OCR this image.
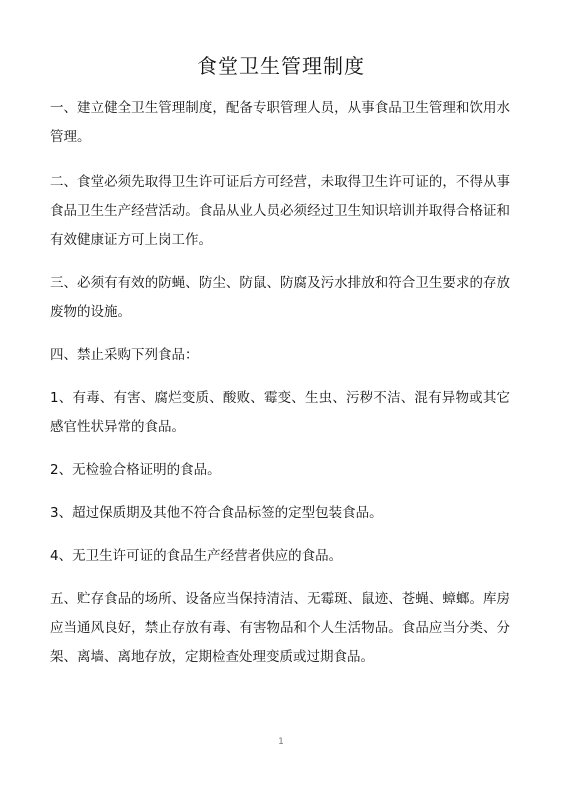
食堂卫生管理制度

一、建立健全卫生管理制度，配备专职管理人员，从事食品卫生管理和饮用水管理。

二、食堂必须先取得卫生许可证后方可经营，未取得卫生许可证的，不得从事食品卫生生产经营活动。食品从业人员必须经过卫生知识培训并取得合格证和有效健康证方可上岗工作。

三、必须有有效的防蝇、防尘、防鼠、防腐及污水排放和符合卫生要求的存放废物的设施。

四、禁止采购下列食品：

1、有毒、有害、腐烂变质、酸败、霉变、生虫、污秽不洁、混有异物或其它感官性状异常的食品。

2、无检验合格证明的食品。

3、超过保质期及其他不符合食品标签的定型包装食品。

4、无卫生许可证的食品生产经营者供应的食品。

五、贮存食品的场所、设备应当保持清洁、无霉斑、鼠迹、苍蝇、蟑螂。库房应当通风良好，禁止存放有毒、有害物品和个人生活物品。食品应当分类、分架、离墙、离地存放，定期检查处理变质或过期食品。

1
